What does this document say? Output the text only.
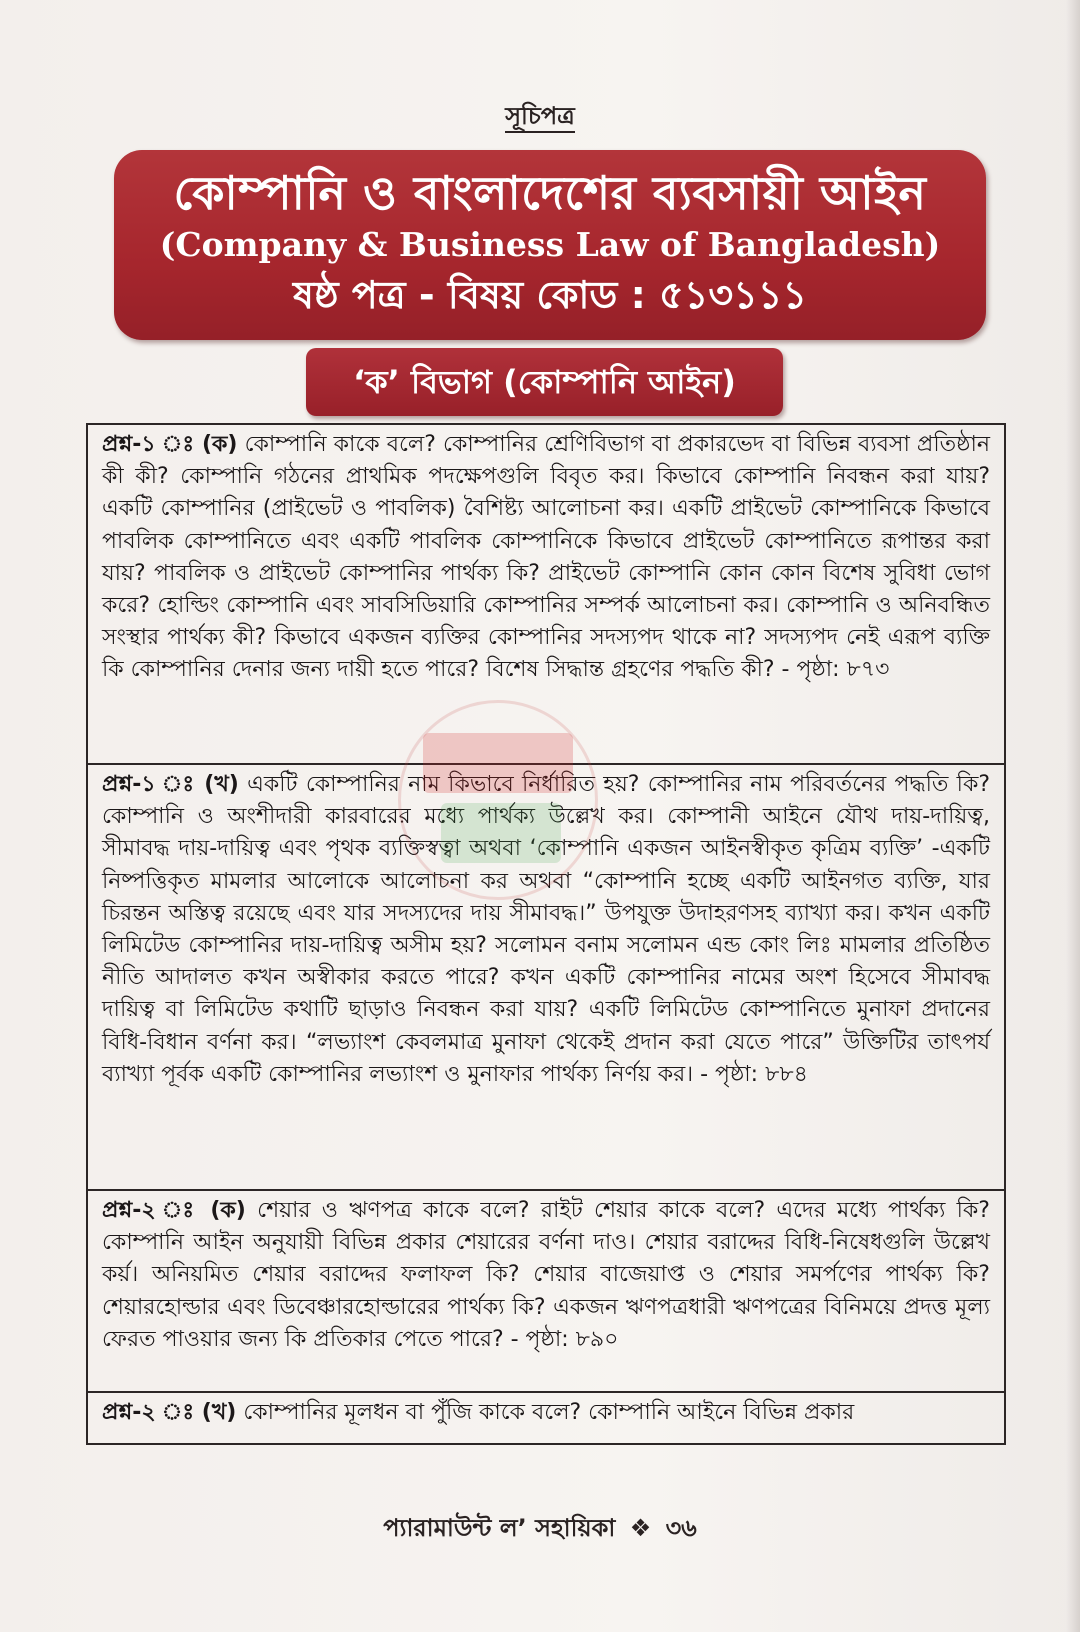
সূচিপত্র
কোম্পানি ও বাংলাদেশের ব্যবসায়ী আইন
(Company & Business Law of Bangladesh)
ষষ্ঠ পত্র - বিষয় কোড : ৫১৩১১১
‘ক’ বিভাগ (কোম্পানি আইন)
প্রশ্ন-১ ঃ (ক) কোম্পানি কাকে বলে? কোম্পানির শ্রেণিবিভাগ বা প্রকারভেদ বা বিভিন্ন ব্যবসা প্রতিষ্ঠান কী কী? কোম্পানি গঠনের প্রাথমিক পদক্ষেপগুলি বিবৃত কর। কিভাবে কোম্পানি নিবন্ধন করা যায়? একটি কোম্পানির (প্রাইভেট ও পাবলিক) বৈশিষ্ট্য আলোচনা কর। একটি প্রাইভেট কোম্পানিকে কিভাবে পাবলিক কোম্পানিতে এবং একটি পাবলিক কোম্পানিকে কিভাবে প্রাইভেট কোম্পানিতে রূপান্তর করা যায়? পাবলিক ও প্রাইভেট কোম্পানির পার্থক্য কি? প্রাইভেট কোম্পানি কোন কোন বিশেষ সুবিধা ভোগ করে? হোল্ডিং কোম্পানি এবং সাবসিডিয়ারি কোম্পানির সম্পর্ক আলোচনা কর। কোম্পানি ও অনিবন্ধিত সংস্থার পার্থক্য কী? কিভাবে একজন ব্যক্তির কোম্পানির সদস্যপদ থাকে না? সদস্যপদ নেই এরূপ ব্যক্তি কি কোম্পানির দেনার জন্য দায়ী হতে পারে? বিশেষ সিদ্ধান্ত গ্রহণের পদ্ধতি কী? - পৃষ্ঠা: ৮৭৩
প্রশ্ন-১ ঃ (খ) একটি কোম্পানির নাম কিভাবে নির্ধারিত হয়? কোম্পানির নাম পরিবর্তনের পদ্ধতি কি? কোম্পানি ও অংশীদারী কারবারের মধ্যে পার্থক্য উল্লেখ কর। কোম্পানী আইনে যৌথ দায়-দায়িত্ব, সীমাবদ্ধ দায়-দায়িত্ব এবং পৃথক ব্যক্তিস্বত্বা অথবা ‘কোম্পানি একজন আইনস্বীকৃত কৃত্রিম ব্যক্তি’ -একটি নিষ্পত্তিকৃত মামলার আলোকে আলোচনা কর অথবা “কোম্পানি হচ্ছে একটি আইনগত ব্যক্তি, যার চিরন্তন অস্তিত্ব রয়েছে এবং যার সদস্যদের দায় সীমাবদ্ধ।” উপযুক্ত উদাহরণসহ ব্যাখ্যা কর। কখন একটি লিমিটেড কোম্পানির দায়-দায়িত্ব অসীম হয়? সলোমন বনাম সলোমন এন্ড কোং লিঃ মামলার প্রতিষ্ঠিত নীতি আদালত কখন অস্বীকার করতে পারে? কখন একটি কোম্পানির নামের অংশ হিসেবে সীমাবদ্ধ দায়িত্ব বা লিমিটেড কথাটি ছাড়াও নিবন্ধন করা যায়? একটি লিমিটেড কোম্পানিতে মুনাফা প্রদানের বিধি-বিধান বর্ণনা কর। “লভ্যাংশ কেবলমাত্র মুনাফা থেকেই প্রদান করা যেতে পারে” উক্তিটির তাৎপর্য ব্যাখ্যা পূর্বক একটি কোম্পানির লভ্যাংশ ও মুনাফার পার্থক্য নির্ণয় কর। - পৃষ্ঠা: ৮৮৪
প্রশ্ন-২ ঃ (ক) শেয়ার ও ঋণপত্র কাকে বলে? রাইট শেয়ার কাকে বলে? এদের মধ্যে পার্থক্য কি? কোম্পানি আইন অনুযায়ী বিভিন্ন প্রকার শেয়ারের বর্ণনা দাও। শেয়ার বরাদ্দের বিধি-নিষেধগুলি উল্লেখ কর্য়। অনিয়মিত শেয়ার বরাদ্দের ফলাফল কি? শেয়ার বাজেয়াপ্ত ও শেয়ার সমর্পণের পার্থক্য কি? শেয়ারহোল্ডার এবং ডিবেঞ্চারহোল্ডারের পার্থক্য কি? একজন ঋণপত্রধারী ঋণপত্রের বিনিময়ে প্রদত্ত মূল্য ফেরত পাওয়ার জন্য কি প্রতিকার পেতে পারে? - পৃষ্ঠা: ৮৯০
প্রশ্ন-২ ঃ (খ) কোম্পানির মূলধন বা পুঁজি কাকে বলে? কোম্পানি আইনে বিভিন্ন প্রকার
প্যারামাউন্ট ল’ সহায়িকা ❖ ৩৬
